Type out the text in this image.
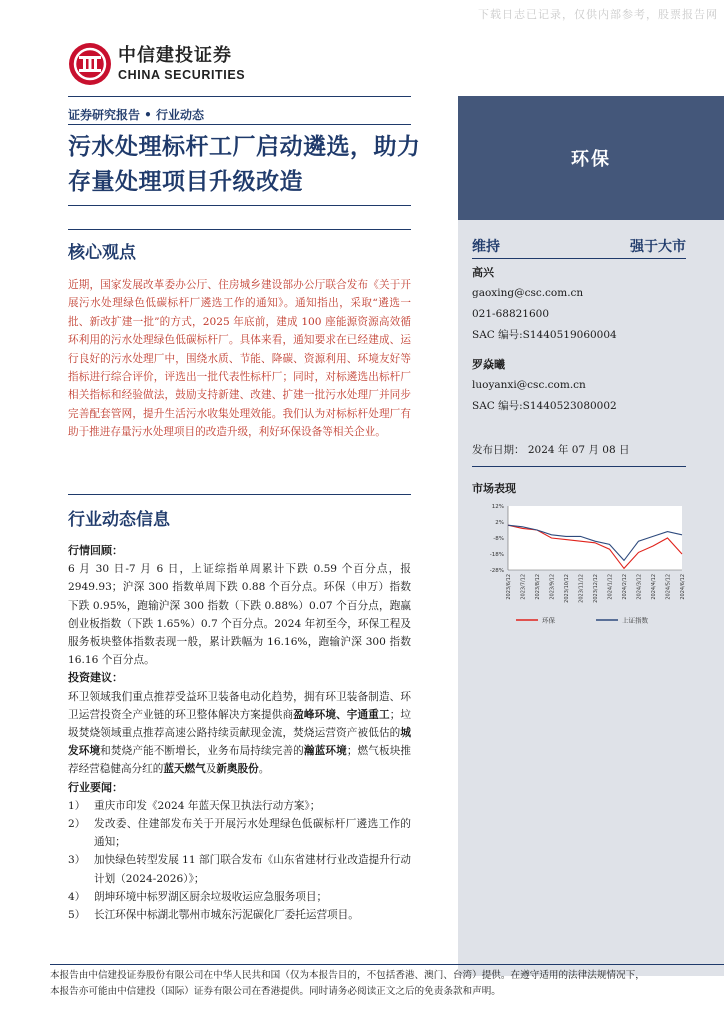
下载日志已记录，仅供内部参考，股票报告网
中信建投证券
CHINA SECURITIES
证券研究报告 • 行业动态
污水处理标杆工厂启动遴选，助力存量处理项目升级改造
核心观点
近期，国家发展改革委办公厅、住房城乡建设部办公厅联合发布《关于开展污水处理绿色低碳标杆厂遴选工作的通知》。通知指出，采取“遴选一批、新改扩建一批”的方式，2025 年底前，建成 100 座能源资源高效循环利用的污水处理绿色低碳标杆厂。具体来看，通知要求在已经建成、运行良好的污水处理厂中，围绕水质、节能、降碳、资源利用、环境友好等指标进行综合评价，评选出一批代表性标杆厂；同时，对标遴选出标杆厂相关指标和经验做法，鼓励支持新建、改建、扩建一批污水处理厂并同步完善配套管网，提升生活污水收集处理效能。我们认为对标标杆处理厂有助于推进存量污水处理项目的改造升级，利好环保设备等相关企业。
行业动态信息
行情回顾：
6 月 30 日-7 月 6 日，上证综指单周累计下跌 0.59 个百分点，报 2949.93；沪深 300 指数单周下跌 0.88 个百分点。环保（申万）指数下跌 0.95%，跑输沪深 300 指数（下跌 0.88%）0.07 个百分点，跑赢创业板指数（下跌 1.65%）0.7 个百分点。2024 年初至今，环保工程及服务板块整体指数表现一般，累计跌幅为 16.16%，跑输沪深 300 指数 16.16 个百分点。
投资建议：
环卫领域我们重点推荐受益环卫装备电动化趋势，拥有环卫装备制造、环卫运营投资全产业链的环卫整体解决方案提供商盈峰环境、宇通重工；垃圾焚烧领域重点推荐高速公路持续贡献现金流，焚烧运营资产被低估的城发环境和焚烧产能不断增长，业务布局持续完善的瀚蓝环境；燃气板块推荐经营稳健高分红的蓝天燃气及新奥股份。
行业要闻：
1） 重庆市印发《2024 年蓝天保卫执法行动方案》；
2） 发改委、住建部发布关于开展污水处理绿色低碳标杆厂遴选工作的通知；
3） 加快绿色转型发展 11 部门联合发布《山东省建材行业改造提升行动计划（2024-2026）》；
4） 朗坤环境中标罗湖区厨余垃圾收运应急服务项目；
5） 长江环保中标湖北鄂州市城东污泥碳化厂委托运营项目。
环保
维持	强于大市
高兴
gaoxing@csc.com.cn
021-68821600
SAC 编号:S1440519060004
罗焱曦
luoyanxi@csc.com.cn
SAC 编号:S1440523080002
发布日期： 2024 年 07 月 08 日
市场表现
12%
2%
-8%
-18%
-28%
2023/6/12 2023/7/12 2023/8/12 2023/9/12 2023/10/12 2023/11/12 2023/12/12 2024/1/12 2024/2/12 2024/3/12 2024/4/12 2024/5/12 2024/6/12
环保	上证指数
本报告由中信建投证券股份有限公司在中华人民共和国（仅为本报告目的，不包括香港、澳门、台湾）提供。在遵守适用的法律法规情况下，
本报告亦可能由中信建投（国际）证券有限公司在香港提供。同时请务必阅读正文之后的免责条款和声明。
